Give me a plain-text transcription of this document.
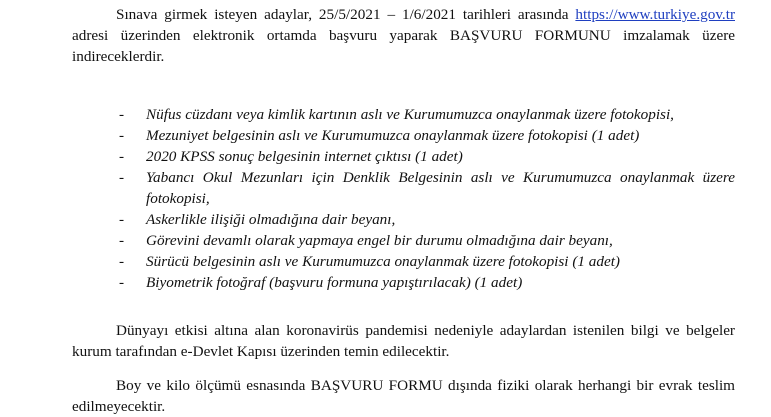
Sınava girmek isteyen adaylar, 25/5/2021 – 1/6/2021 tarihleri arasında https://www.turkiye.gov.tr adresi üzerinden elektronik ortamda başvuru yaparak BAŞVURU FORMUNU imzalamak üzere indireceklerdir.

-	Nüfus cüzdanı veya kimlik kartının aslı ve Kurumumuzca onaylanmak üzere fotokopisi,
-	Mezuniyet belgesinin aslı ve Kurumumuzca onaylanmak üzere fotokopisi (1 adet)
-	2020 KPSS sonuç belgesinin internet çıktısı (1 adet)
-	Yabancı Okul Mezunları için Denklik Belgesinin aslı ve Kurumumuzca onaylanmak üzere fotokopisi,
-	Askerlikle ilişiği olmadığına dair beyanı,
-	Görevini devamlı olarak yapmaya engel bir durumu olmadığına dair beyanı,
-	Sürücü belgesinin aslı ve Kurumumuzca onaylanmak üzere fotokopisi (1 adet)
-	Biyometrik fotoğraf (başvuru formuna yapıştırılacak) (1 adet)

Dünyayı etkisi altına alan koronavirüs pandemisi nedeniyle adaylardan istenilen bilgi ve belgeler kurum tarafından e-Devlet Kapısı üzerinden temin edilecektir.

Boy ve kilo ölçümü esnasında BAŞVURU FORMU dışında fiziki olarak herhangi bir evrak teslim edilmeyecektir.
